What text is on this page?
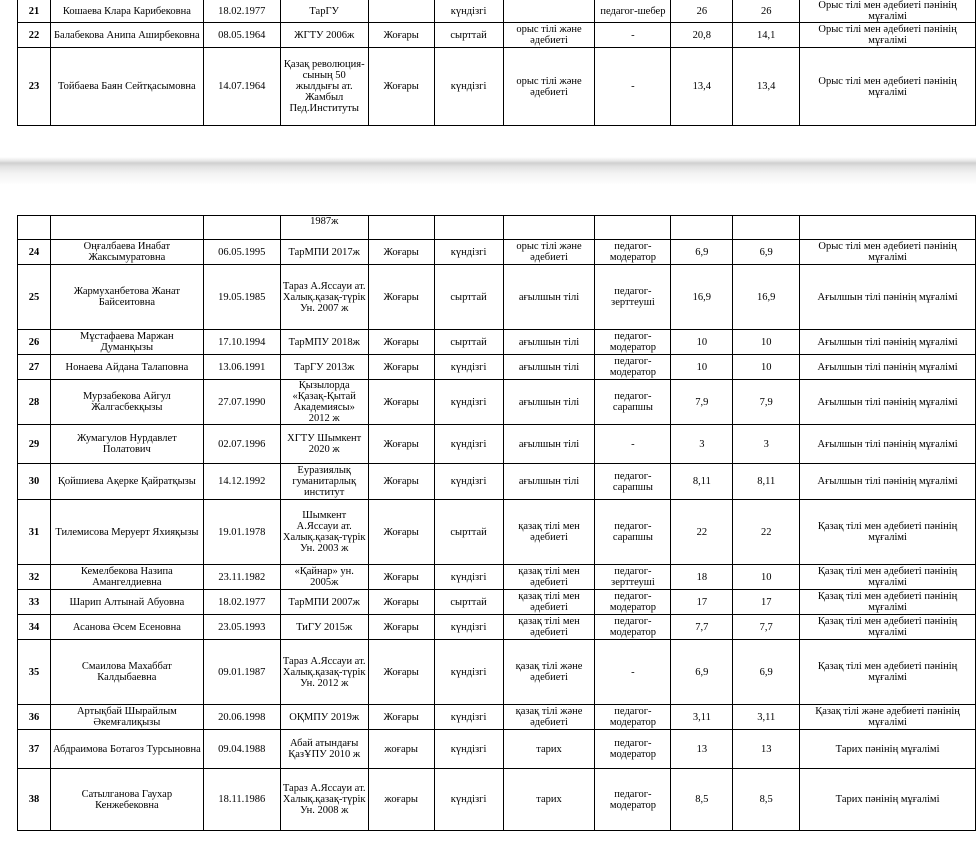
21	Кошаева Клара Карибековна	18.02.1977	ТарГУ		күндізгі		педагог-шебер	26	26	Орыс тілі мен әдебиеті пәнінің мұғалімі
22	Балабекова Анипа Аширбековна	08.05.1964	ЖГТУ 2006ж	Жоғары	сырттай	орыс тілі және әдебиеті	-	20,8	14,1	Орыс тілі мен әдебиеті пәнінің мұғалімі
23	Тойбаева Баян Сейтқасымовна	14.07.1964	Қазақ революция-сының 50 жылдығы ат. Жамбыл Пед.Институты	Жоғары	күндізгі	орыс тілі және әдебиеті	-	13,4	13,4	Орыс тілі мен әдебиеті пәнінің мұғалімі
			1987ж							
24	Оңғалбаева Инабат Жаксымуратовна	06.05.1995	ТарМПИ 2017ж	Жоғары	күндізгі	орыс тілі және әдебиеті	педагог-модератор	6,9	6,9	Орыс тілі мен әдебиеті пәнінің мұғалімі
25	Жармуханбетова Жанат Байсеитовна	19.05.1985	Тараз А.Яссауи ат. Халық.қазақ-түрік Ун. 2007 ж	Жоғары	сырттай	ағылшын тілі	педагог-зерттеуші	16,9	16,9	Ағылшын тілі пәнінің мұғалімі
26	Мұстафаева Маржан Думанқызы	17.10.1994	ТарМПУ 2018ж	Жоғары	сырттай	ағылшын тілі	педагог-модератор	10	10	Ағылшын тілі пәнінің мұғалімі
27	Нонаева Айдана Талаповна	13.06.1991	ТарГУ 2013ж	Жоғары	күндізгі	ағылшын тілі	педагог-модератор	10	10	Ағылшын тілі пәнінің мұғалімі
28	Мурзабекова Айгул Жалгасбекқызы	27.07.1990	Қызылорда «Қазақ-Қытай Академиясы» 2012 ж	Жоғары	күндізгі	ағылшын тілі	педагог-сарапшы	7,9	7,9	Ағылшын тілі пәнінің мұғалімі
29	Жумагулов Нурдавлет Полатович	02.07.1996	ХГТУ Шымкент 2020 ж	Жоғары	күндізгі	ағылшын тілі	-	3	3	Ағылшын тілі пәнінің мұғалімі
30	Қойшиева Ақерке Қайратқызы	14.12.1992	Еуразиялық гуманитарлық институт	Жоғары	күндізгі	ағылшын тілі	педагог-сарапшы	8,11	8,11	Ағылшын тілі пәнінің мұғалімі
31	Тилемисова Меруерт Яхияқызы	19.01.1978	Шымкент А.Яссауи ат. Халық.қазақ-түрік Ун. 2003 ж	Жоғары	сырттай	қазақ тілі мен әдебиеті	педагог-сарапшы	22	22	Қазақ тілі мен әдебиеті пәнінің мұғалімі
32	Кемелбекова Назипа Амангелдиевна	23.11.1982	«Қайнар» ун. 2005ж	Жоғары	күндізгі	қазақ тілі мен әдебиеті	педагог-зерттеуші	18	10	Қазақ тілі мен әдебиеті пәнінің мұғалімі
33	Шарип Алтынай Абуовна	18.02.1977	ТарМПИ 2007ж	Жоғары	сырттай	қазақ тілі мен әдебиеті	педагог-модератор	17	17	Қазақ тілі мен әдебиеті пәнінің мұғалімі
34	Асанова Әсем Есеновна	23.05.1993	ТиГУ 2015ж	Жоғары	күндізгі	қазақ тілі мен әдебиеті	педагог-модератор	7,7	7,7	Қазақ тілі мен әдебиеті пәнінің мұғалімі
35	Смаилова Махаббат Калдыбаевна	09.01.1987	Тараз А.Яссауи ат. Халық.қазақ-түрік Ун. 2012 ж	Жоғары	күндізгі	қазақ тілі және әдебиеті	-	6,9	6,9	Қазақ тілі мен әдебиеті пәнінің мұғалімі
36	Артықбай Шырайлым Әкемғалиқызы	20.06.1998	ОҚМПУ 2019ж	Жоғары	күндізгі	қазақ тілі және әдебиеті	педагог-модератор	3,11	3,11	Қазақ тілі және әдебиеті пәнінің мұғалімі
37	Абдраимова Ботагоз Турсыновна	09.04.1988	Абай атындағы ҚазҰПУ 2010 ж	жоғары	күндізгі	тарих	педагог-модератор	13	13	Тарих пәнінің мұғалімі
38	Сатылганова Гаухар Кенжебековна	18.11.1986	Тараз А.Яссауи ат. Халық.қазақ-түрік Ун. 2008 ж	жоғары	күндізгі	тарих	педагог-модератор	8,5	8,5	Тарих пәнінің мұғалімі
